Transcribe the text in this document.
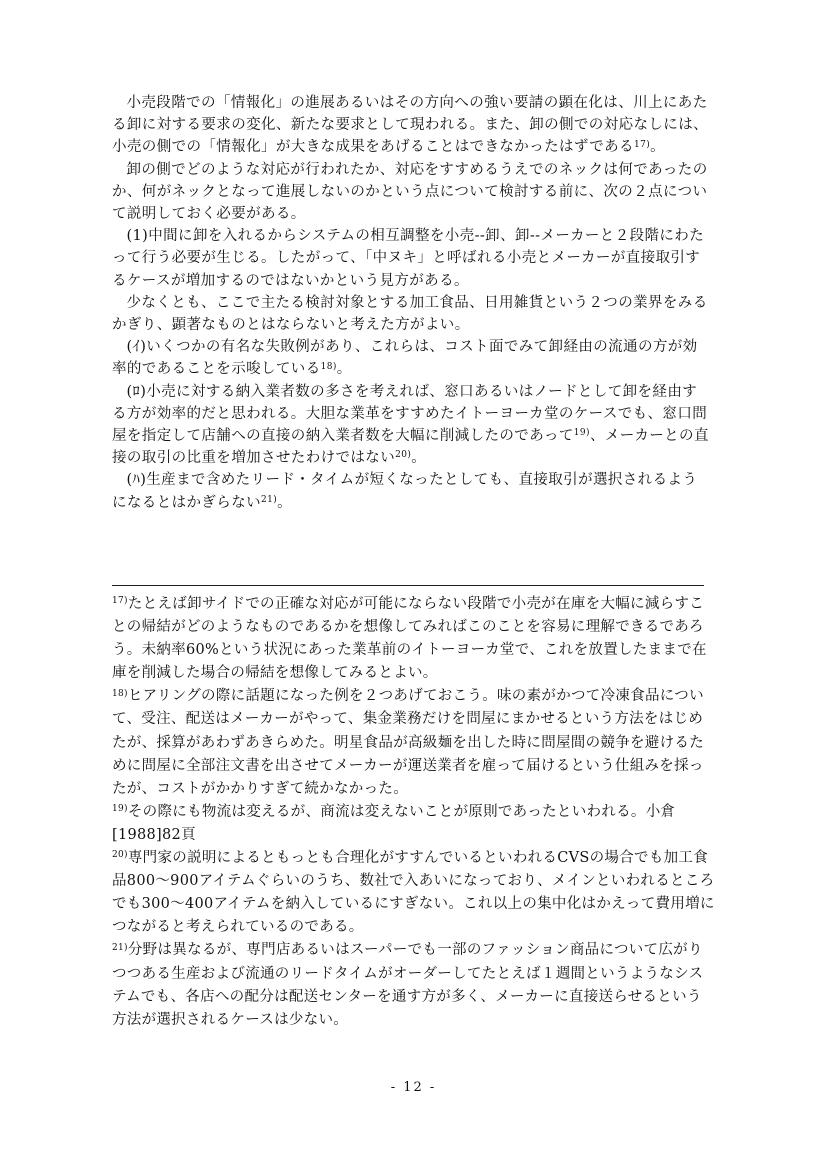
小売段階での「情報化」の進展あるいはその方向への強い要請の顕在化は、川上にあたる卸に対する要求の変化、新たな要求として現われる。また、卸の側での対応なしには、小売の側での「情報化」が大きな成果をあげることはできなかったはずである$^{17)}$。

卸の側でどのような対応が行われたか、対応をすすめるうえでのネックは何であったのか、何がネックとなって進展しないのかという点について検討する前に、次の２点について説明しておく必要がある。

(1)中間に卸を入れるからシステムの相互調整を小売--卸、卸--メーカーと２段階にわたって行う必要が生じる。したがって、「中ヌキ」と呼ばれる小売とメーカーが直接取引するケースが増加するのではないかという見方がある。

少なくとも、ここで主たる検討対象とする加工食品、日用雑貨という２つの業界をみるかぎり、顕著なものとはならないと考えた方がよい。

(ｲ)いくつかの有名な失敗例があり、これらは、コスト面でみて卸経由の流通の方が効率的であることを示唆している$^{18)}$。

(ﾛ)小売に対する納入業者数の多さを考えれば、窓口あるいはノードとして卸を経由する方が効率的だと思われる。大胆な業革をすすめたイトーヨーカ堂のケースでも、窓口問屋を指定して店舗への直接の納入業者数を大幅に削減したのであって$^{19)}$、メーカーとの直接の取引の比重を増加させたわけではない$^{20)}$。

(ﾊ)生産まで含めたリード・タイムが短くなったとしても、直接取引が選択されるようになるとはかぎらない$^{21)}$。

$^{17)}$たとえば卸サイドでの正確な対応が可能にならない段階で小売が在庫を大幅に減らすことの帰結がどのようなものであるかを想像してみればこのことを容易に理解できるであろう。未納率60%という状況にあった業革前のイトーヨーカ堂で、これを放置したままで在庫を削減した場合の帰結を想像してみるとよい。

$^{18)}$ヒアリングの際に話題になった例を２つあげておこう。味の素がかつて冷凍食品について、受注、配送はメーカーがやって、集金業務だけを問屋にまかせるという方法をはじめたが、採算があわずあきらめた。明星食品が高級麺を出した時に問屋間の競争を避けるために問屋に全部注文書を出させてメーカーが運送業者を雇って届けるという仕組みを採ったが、コストがかかりすぎて続かなかった。

$^{19)}$その際にも物流は変えるが、商流は変えないことが原則であったといわれる。小倉[1988]82頁

$^{20)}$専門家の説明によるともっとも合理化がすすんでいるといわれるCVSの場合でも加工食品800～900アイテムぐらいのうち、数社で入あいになっており、メインといわれるところでも300～400アイテムを納入しているにすぎない。これ以上の集中化はかえって費用増につながると考えられているのである。

$^{21)}$分野は異なるが、専門店あるいはスーパーでも一部のファッション商品について広がりつつある生産および流通のリードタイムがオーダーしてたとえば１週間というようなシステムでも、各店への配分は配送センターを通す方が多く、メーカーに直接送らせるという方法が選択されるケースは少ない。

- 12 -
